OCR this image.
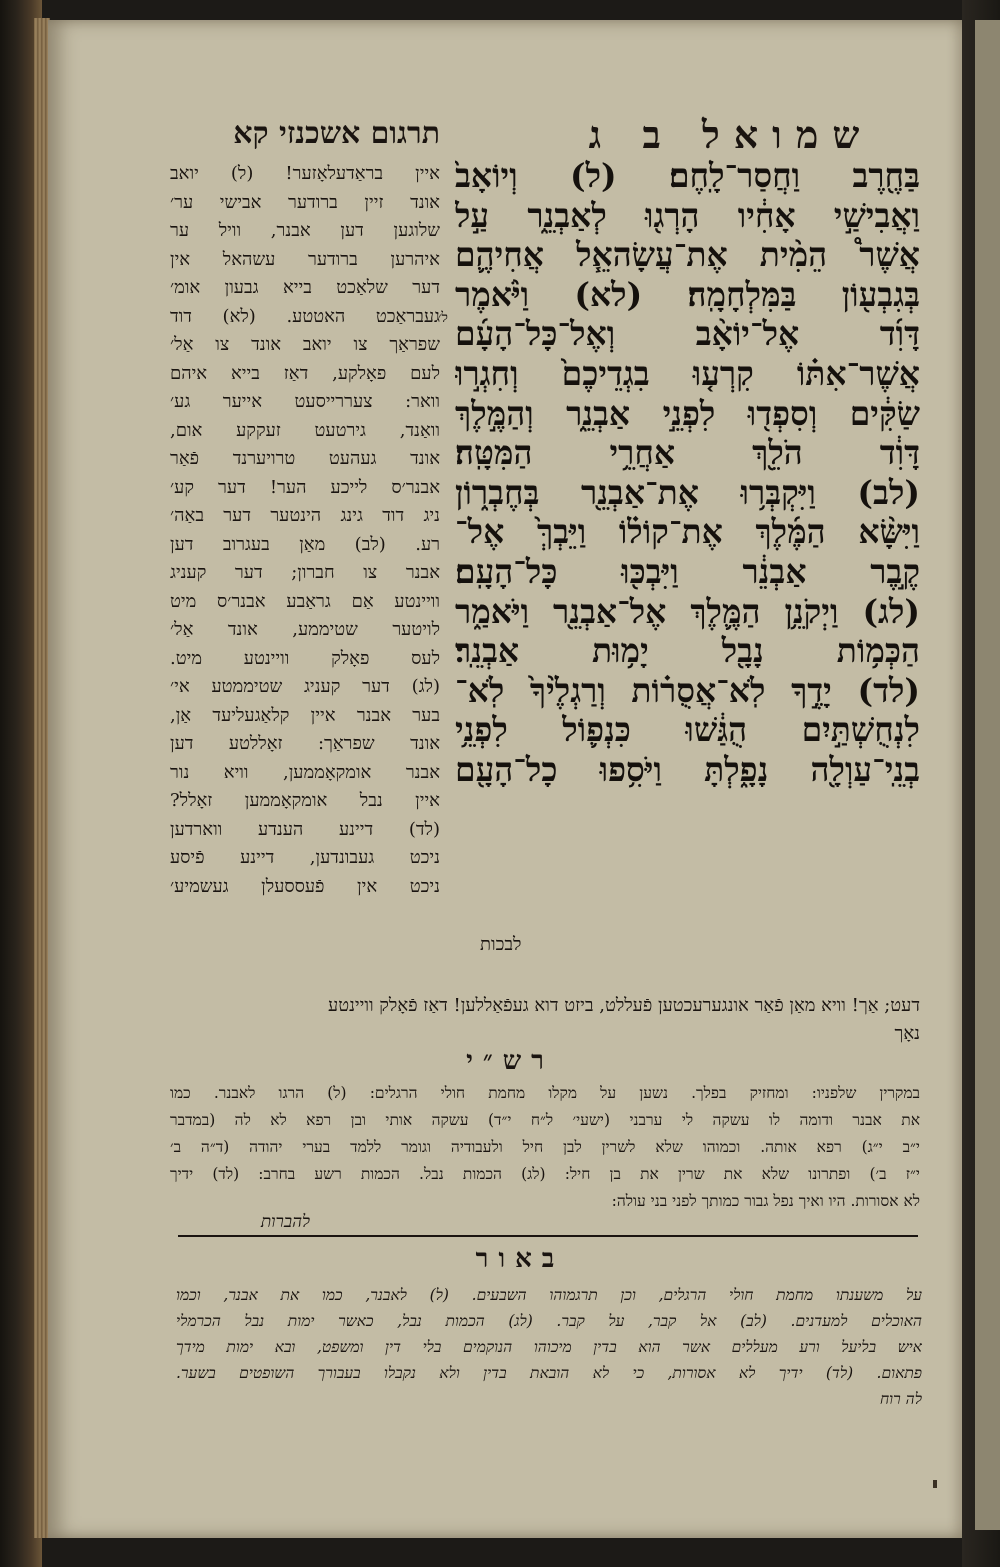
שמואל ב ג
תרגום אשכנזי קא
בַּחֶ֖רֶב וַחֲסַר־לָֽחֶם׃ (ל) וְיוֹאָב֙
וַאֲבִישַׁ֣י אָחִ֔יו הָרְג֖וּ לְאַבְנֵ֑ר עַ֣ל
אֲשֶׁר֩ הֵמִ֨ית אֶת־עֲשָׂהאֵ֧ל אֲחִיהֶ֛ם
בְּגִבְע֖וֹן בַּמִּלְחָמָֽה׃ (לא) וַיֹּ֨אמֶר
דָּוִ֜ד אֶל־יוֹאָ֨ב וְאֶל־כָּל־הָעָ֜ם
אֲשֶׁר־אִתּ֗וֹ קִרְע֤וּ בִגְדֵיכֶם֙ וְחִגְר֣וּ
שַׂקִּ֔ים וְסִפְד֖וּ לִפְנֵ֣י אַבְנֵ֑ר וְהַמֶּ֣לֶךְ
דָּוִ֔ד הֹלֵ֖ךְ אַחֲרֵ֥י הַמִּטָּֽה׃
(לב) וַיִּקְבְּר֥וּ אֶת־אַבְנֵ֖ר בְּחֶבְר֑וֹן
וַיִּשָּׂ֨א הַמֶּ֜לֶךְ אֶת־קוֹל֗וֹ וַיֵּבְךְּ֙ אֶל־
קֶ֣בֶר אַבְנֵ֔ר וַיִּבְכּ֖וּ כָּל־הָעָֽם׃
(לג) וַיְקֹנֵ֥ן הַמֶּ֛לֶךְ אֶל־אַבְנֵ֖ר וַיֹּאמַ֑ר
הַכְּמ֥וֹת נָבָ֖ל יָמ֥וּת אַבְנֵֽר׃
(לד) יָדֶ֣ךָ לֹֽא־אֲסֻר֗וֹת וְרַגְלֶ֙יךָ֙ לֹֽא־
לִנְחֻשְׁתַּ֣יִם הֻגַּ֔שׁוּ כִּנְפ֛וֹל לִפְנֵ֥י
בְנֵֽי־עַוְלָ֖ה נָפָ֑לְתָּ וַיֹּסִ֥פוּ כָל־הָעָ֖ם
לבכות
ל׳
איין בראַדעלאָזער! (ל) יואב
אונד זיין ברודער אבישי ער׳
שלוגען דען אבנר, וויל ער
איהרען ברודער עשהאל אין
דער שלאַכט בייא גבעון אומ׳
געבראַכט האטטע. (לא) דוד
שפראַך צו יואב אונד צו אַל׳
לעם פאָלקע, דאַז בייא איהם
וואר: צעררייסעט אייער גע׳
וואַנד, גירטעט זעקקע אום,
אונד געהעט טרויערנד פֿאַר
אבנר׳ס לייכע הער! דער קע׳
ניג דוד גינג הינטער דער באַה׳
רע. (לב) מאַן בעגרוב דען
אבנר צו חברון; דער קעניג
וויינטע אַם גראַבע אבנר׳ס מיט
לויטער שטיממע, אונד אַל׳
לעס פאָלק וויינטע מיט.
(לג) דער קעניג שטיממטע אי׳
בער אבנר איין קלאַגעליעד אַן,
אונד שפראַך: זאָללטע דען
אבנר אומקאָממען, וויא נור
איין נבל אומקאָממען זאָלל?
(לד) דיינע הענדע ווארדען
ניכט געבונדען, דיינע פֿיסע
ניכט אין פֿעססעלן געשמיע׳
דעט; אַך! וויא מאַן פֿאַר אונגערעכטען פֿעללט, ביזט דוא געפֿאַללען! דאַז פֿאָלק וויינטע
נאָך
רש״י
במקרין שלפניו: ומחזיק בפלך. נשען על מקלו מחמת חולי הרגלים: (ל) הרגו לאבנר. כמו
את אבנר ודומה לו עשקה לי ערבני (ישעי׳ ל״ח י״ד) עשקה אותי ובן רפא לא לה (במדבר
י״ב י״ג) רפא אותה. וכמוהו שלא לשרין לבן חיל ולעבודיה וגומר ללמד בערי יהודה (ד״ה ב׳
י״ז ב׳) ופתרונו שלא את שרין את בן חיל: (לג) הכמות נבל. הכמות רשע בחרב: (לד) ידיך
לא אסורות. היו ואיך נפל גבור כמותך לפני בני עולה:
להברות
באור
על משענתו מחמת חולי הרגלים, וכן תרגמוהו השבעים. (ל) לאבנר, כמו את אבנר, וכמו
האוכלים למעדנים. (לב) אל קבר, על קבר. (לג) הכמות נבל, כאשר ימות נבל הכרמלי
איש בליעל ורע מעללים אשר הוא בדין מיכוהו הנוקמים בלי דין ומשפט, ובא ימות מידך
פתאום. (לד) ידיך לא אסורות, כי לא הובאת בדין ולא נקבלו בעבורך השופטים בשער.
לה רוח
